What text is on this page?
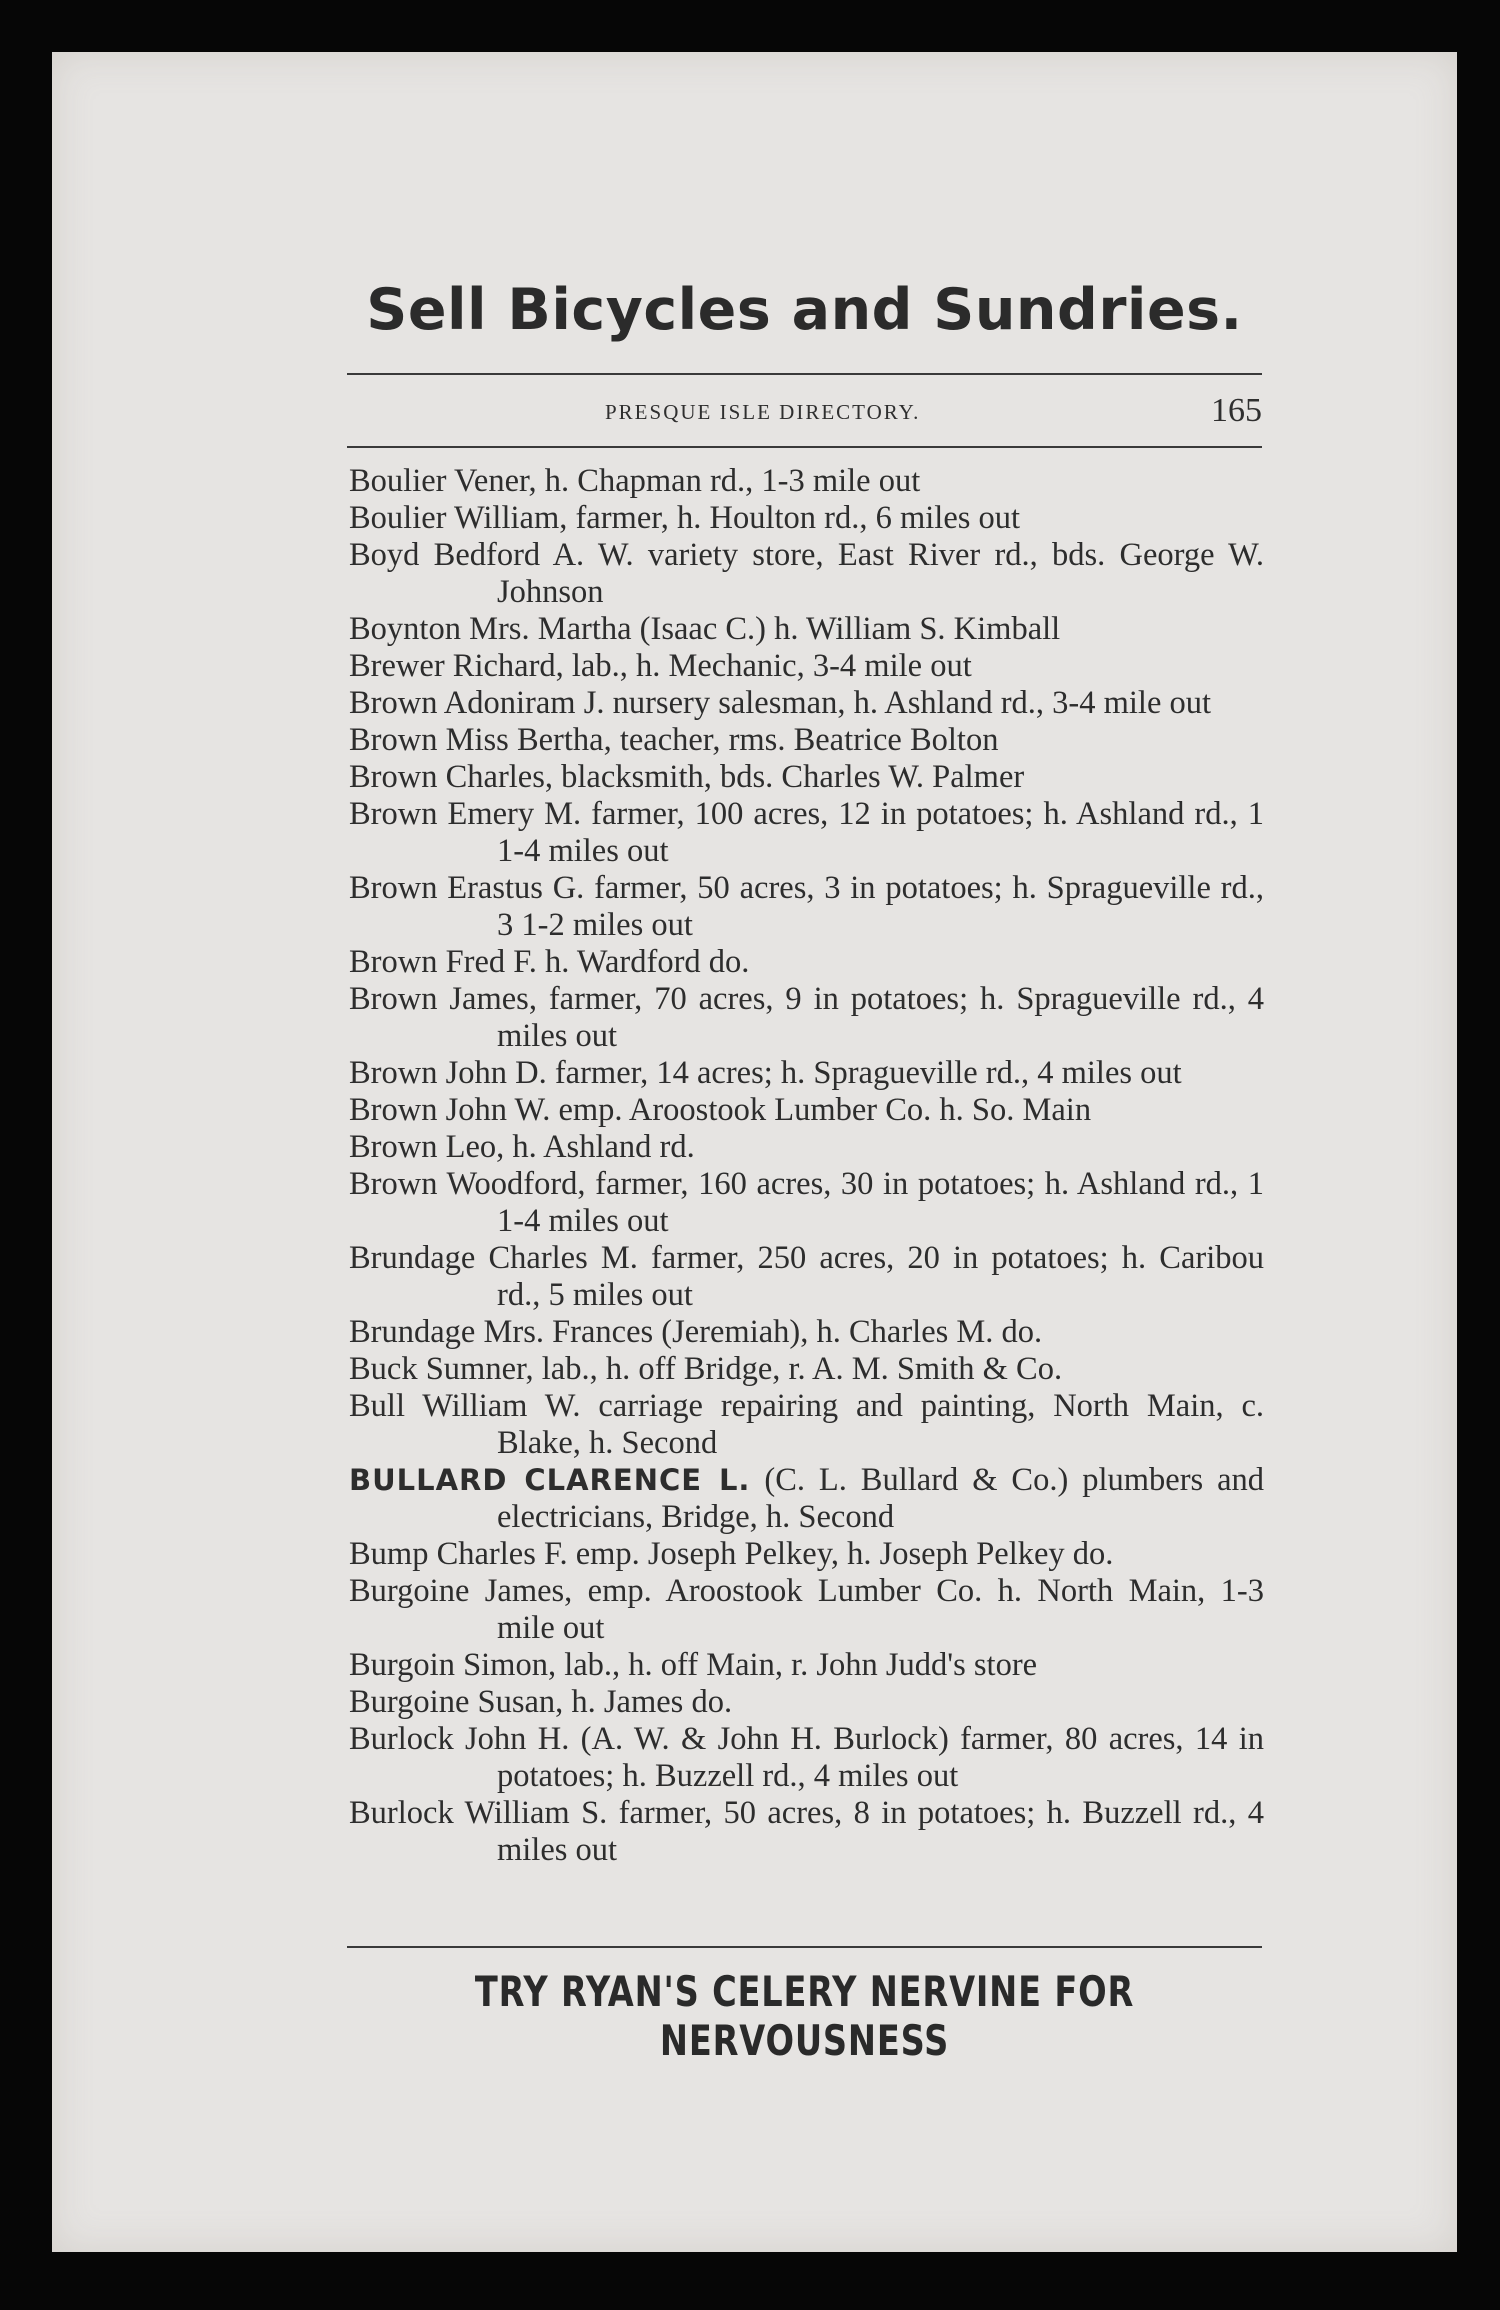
Sell Bicycles and Sundries.
PRESQUE ISLE DIRECTORY.	165
Boulier Vener, h. Chapman rd., 1-3 mile out
Boulier William, farmer, h. Houlton rd., 6 miles out
Boyd Bedford A. W. variety store, East River rd., bds. George W. Johnson
Boynton Mrs. Martha (Isaac C.) h. William S. Kimball
Brewer Richard, lab., h. Mechanic, 3-4 mile out
Brown Adoniram J. nursery salesman, h. Ashland rd., 3-4 mile out
Brown Miss Bertha, teacher, rms. Beatrice Bolton
Brown Charles, blacksmith, bds. Charles W. Palmer
Brown Emery M. farmer, 100 acres, 12 in potatoes; h. Ashland rd., 1 1-4 miles out
Brown Erastus G. farmer, 50 acres, 3 in potatoes; h. Spragueville rd., 3 1-2 miles out
Brown Fred F. h. Wardford do.
Brown James, farmer, 70 acres, 9 in potatoes; h. Spragueville rd., 4 miles out
Brown John D. farmer, 14 acres; h. Spragueville rd., 4 miles out
Brown John W. emp. Aroostook Lumber Co. h. So. Main
Brown Leo, h. Ashland rd.
Brown Woodford, farmer, 160 acres, 30 in potatoes; h. Ashland rd., 1 1-4 miles out
Brundage Charles M. farmer, 250 acres, 20 in potatoes; h. Caribou rd., 5 miles out
Brundage Mrs. Frances (Jeremiah), h. Charles M. do.
Buck Sumner, lab., h. off Bridge, r. A. M. Smith & Co.
Bull William W. carriage repairing and painting, North Main, c. Blake, h. Second
BULLARD CLARENCE L. (C. L. Bullard & Co.) plumbers and electricians, Bridge, h. Second
Bump Charles F. emp. Joseph Pelkey, h. Joseph Pelkey do.
Burgoine James, emp. Aroostook Lumber Co. h. North Main, 1-3 mile out
Burgoin Simon, lab., h. off Main, r. John Judd's store
Burgoine Susan, h. James do.
Burlock John H. (A. W. & John H. Burlock) farmer, 80 acres, 14 in potatoes; h. Buzzell rd., 4 miles out
Burlock William S. farmer, 50 acres, 8 in potatoes; h. Buzzell rd., 4 miles out
TRY RYAN'S CELERY NERVINE FOR NERVOUSNESS
